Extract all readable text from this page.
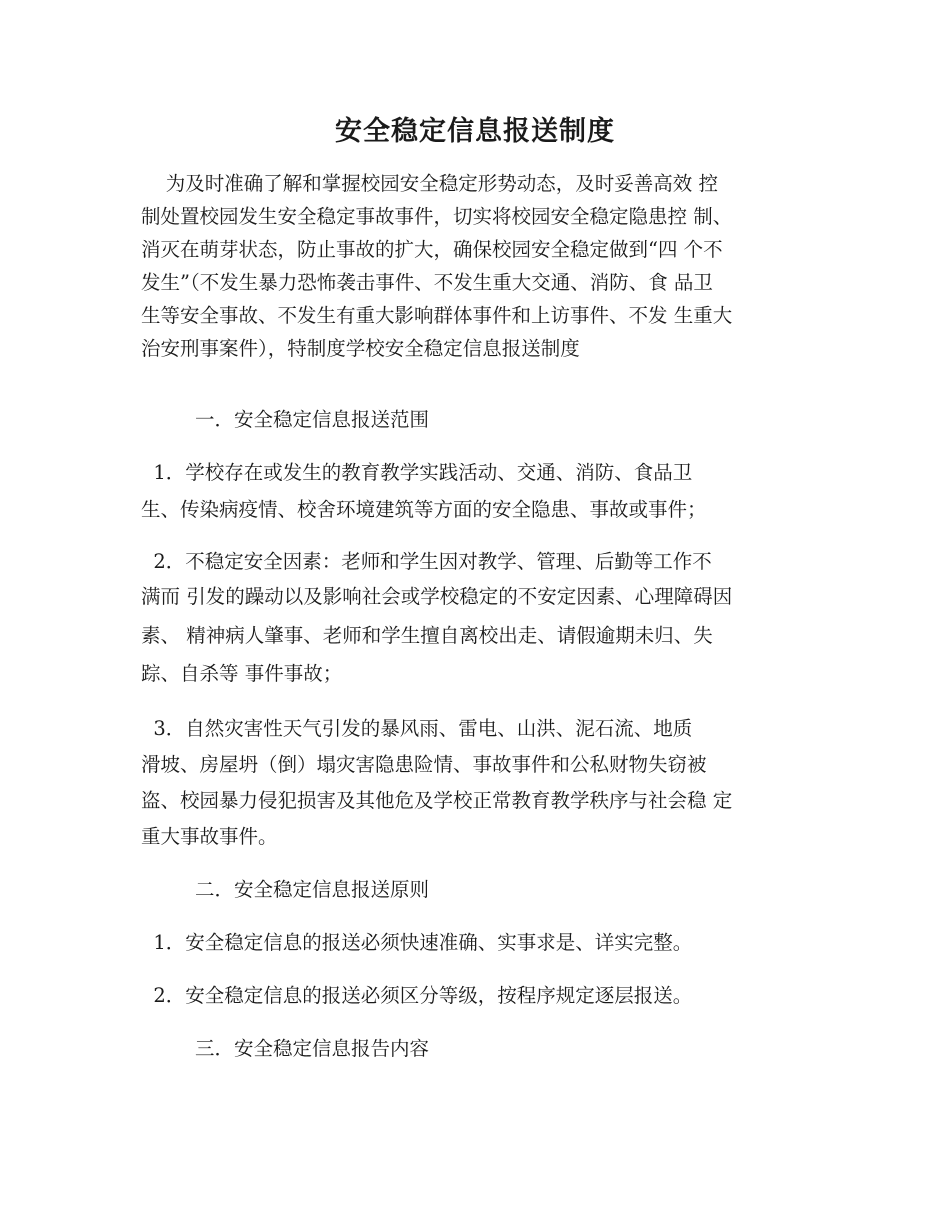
安全稳定信息报送制度
为及时准确了解和掌握校园安全稳定形势动态，及时妥善高效 控
制处置校园发生安全稳定事故事件，切实将校园安全稳定隐患控 制、
消灭在萌芽状态，防止事故的扩大，确保校园安全稳定做到“四 个不
发生”（不发生暴力恐怖袭击事件、不发生重大交通、消防、食 品卫
生等安全事故、不发生有重大影响群体事件和上访事件、不发 生重大
治安刑事案件），特制度学校安全稳定信息报送制度
一．安全稳定信息报送范围
1．学校存在或发生的教育教学实践活动、交通、消防、食品卫
生、传染病疫情、校舍环境建筑等方面的安全隐患、事故或事件；
2．不稳定安全因素：老师和学生因对教学、管理、后勤等工作不
满而 引发的躁动以及影响社会或学校稳定的不安定因素、心理障碍因
素、 精神病人肇事、老师和学生擅自离校出走、请假逾期未归、失
踪、自杀等 事件事故；
3．自然灾害性天气引发的暴风雨、雷电、山洪、泥石流、地质
滑坡、房屋坍（倒）塌灾害隐患险情、事故事件和公私财物失窃被
盗、校园暴力侵犯损害及其他危及学校正常教育教学秩序与社会稳 定
重大事故事件。
二．安全稳定信息报送原则
1．安全稳定信息的报送必须快速准确、实事求是、详实完整。
2．安全稳定信息的报送必须区分等级，按程序规定逐层报送。
三．安全稳定信息报告内容
